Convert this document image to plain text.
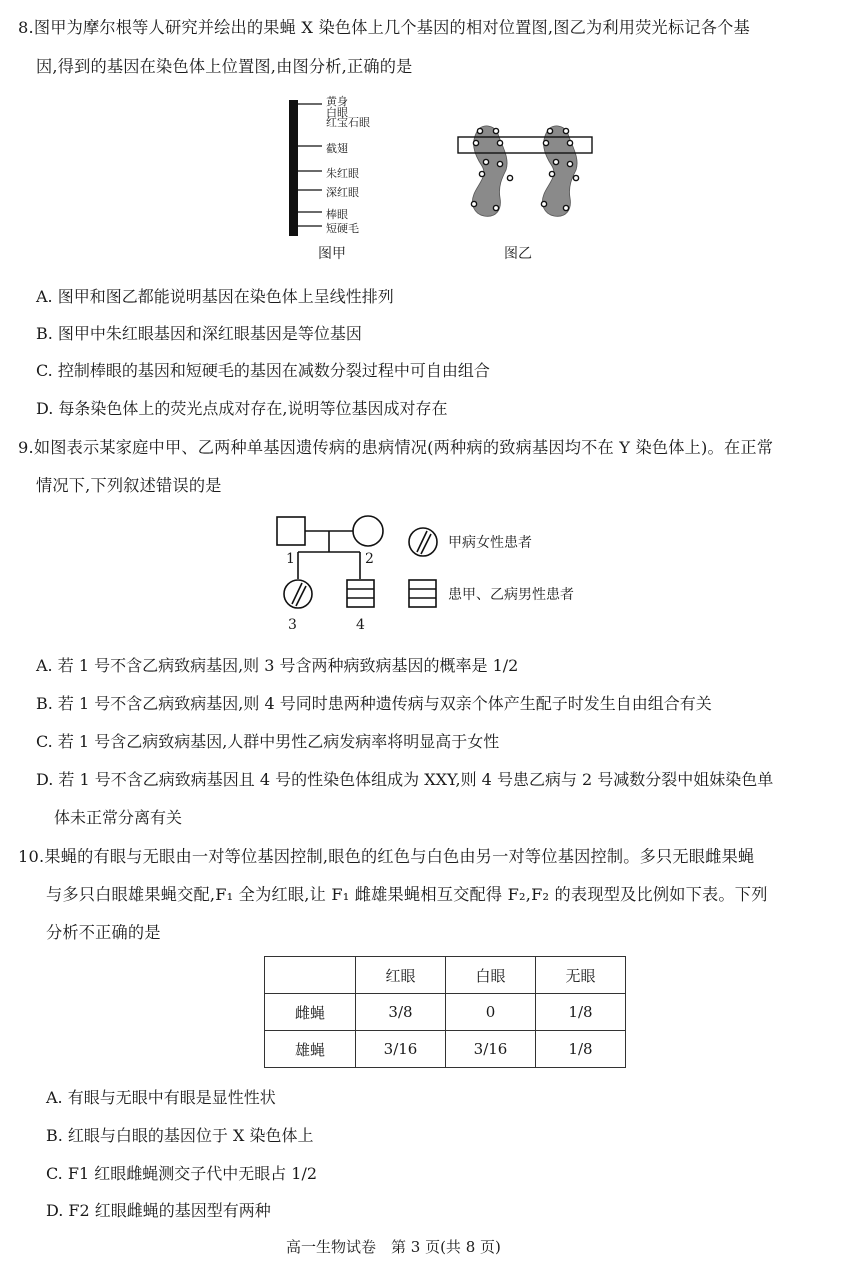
8.图甲为摩尔根等人研究并绘出的果蝇 X 染色体上几个基因的相对位置图,图乙为利用荧光标记各个基
因,得到的基因在染色体上位置图,由图分析,正确的是
黄身
白眼
红宝石眼
截翅
朱红眼
深红眼
棒眼
短硬毛
图甲	图乙
A. 图甲和图乙都能说明基因在染色体上呈线性排列
B. 图甲中朱红眼基因和深红眼基因是等位基因
C. 控制棒眼的基因和短硬毛的基因在减数分裂过程中可自由组合
D. 每条染色体上的荧光点成对存在,说明等位基因成对存在
9.如图表示某家庭中甲、乙两种单基因遗传病的患病情况(两种病的致病基因均不在 Y 染色体上)。在正常
情况下,下列叙述错误的是
1	2
3	4
甲病女性患者
患甲、乙病男性患者
A. 若 1 号不含乙病致病基因,则 3 号含两种病致病基因的概率是 1/2
B. 若 1 号不含乙病致病基因,则 4 号同时患两种遗传病与双亲个体产生配子时发生自由组合有关
C. 若 1 号含乙病致病基因,人群中男性乙病发病率将明显高于女性
D. 若 1 号不含乙病致病基因且 4 号的性染色体组成为 XXY,则 4 号患乙病与 2 号减数分裂中姐妹染色单
体未正常分离有关
10.果蝇的有眼与无眼由一对等位基因控制,眼色的红色与白色由另一对等位基因控制。多只无眼雌果蝇
与多只白眼雄果蝇交配,F₁ 全为红眼,让 F₁ 雌雄果蝇相互交配得 F₂,F₂ 的表现型及比例如下表。下列
分析不正确的是
	红眼	白眼	无眼
雌蝇	3/8	0	1/8
雄蝇	3/16	3/16	1/8
A. 有眼与无眼中有眼是显性性状
B. 红眼与白眼的基因位于 X 染色体上
C. F1 红眼雌蝇测交子代中无眼占 1/2
D. F2 红眼雌蝇的基因型有两种
高一生物试卷　第 3 页(共 8 页)
